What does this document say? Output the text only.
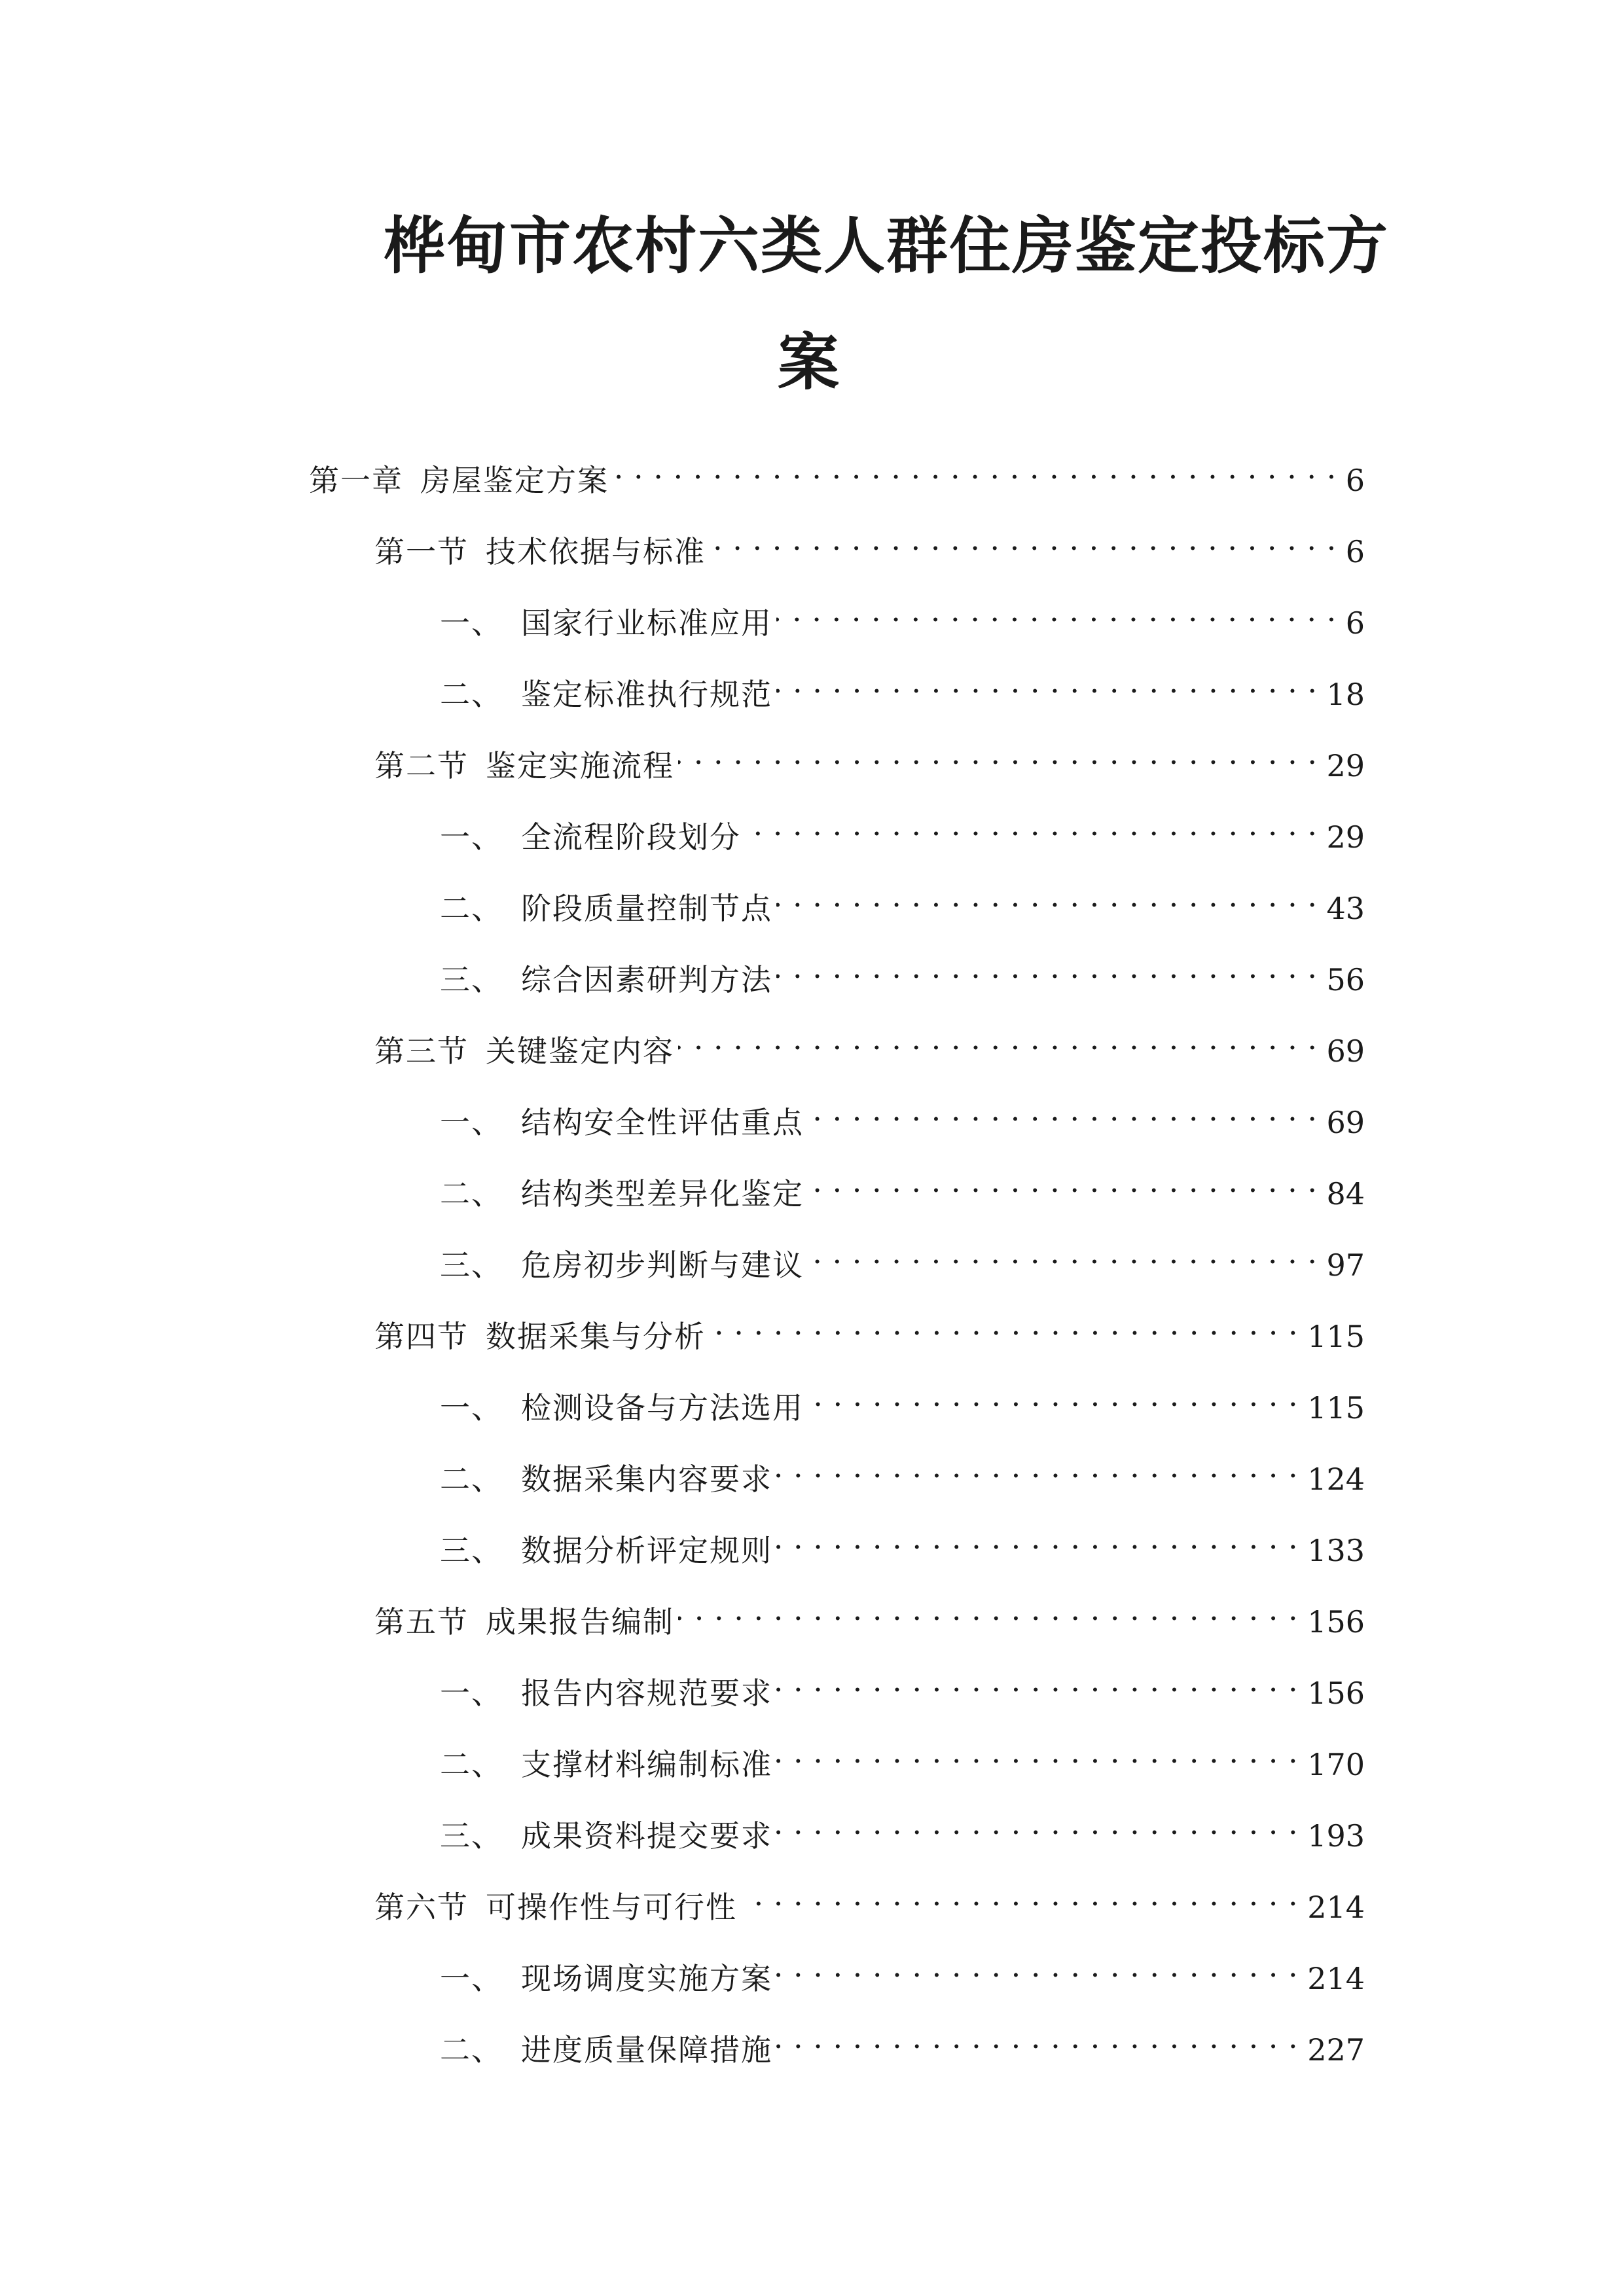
桦甸市农村六类人群住房鉴定投标方
案
第一章 房屋鉴定方案 . . .	6
第一节 技术依据与标准 . . .	6
一、 国家行业标准应用 . . .	6
二、 鉴定标准执行规范 . . .	18
第二节 鉴定实施流程 . . .	29
一、 全流程阶段划分 . . .	29
二、 阶段质量控制节点 . . .	43
三、 综合因素研判方法 . . .	56
第三节 关键鉴定内容 . . .	69
一、 结构安全性评估重点 . . .	69
二、 结构类型差异化鉴定 . . .	84
三、 危房初步判断与建议 . . .	97
第四节 数据采集与分析 . . .	115
一、 检测设备与方法选用 . . .	115
二、 数据采集内容要求 . . .	124
三、 数据分析评定规则 . . .	133
第五节 成果报告编制 . . .	156
一、 报告内容规范要求 . . .	156
二、 支撑材料编制标准 . . .	170
三、 成果资料提交要求 . . .	193
第六节 可操作性与可行性 . . .	214
一、 现场调度实施方案 . . .	214
二、 进度质量保障措施 . . .	227
